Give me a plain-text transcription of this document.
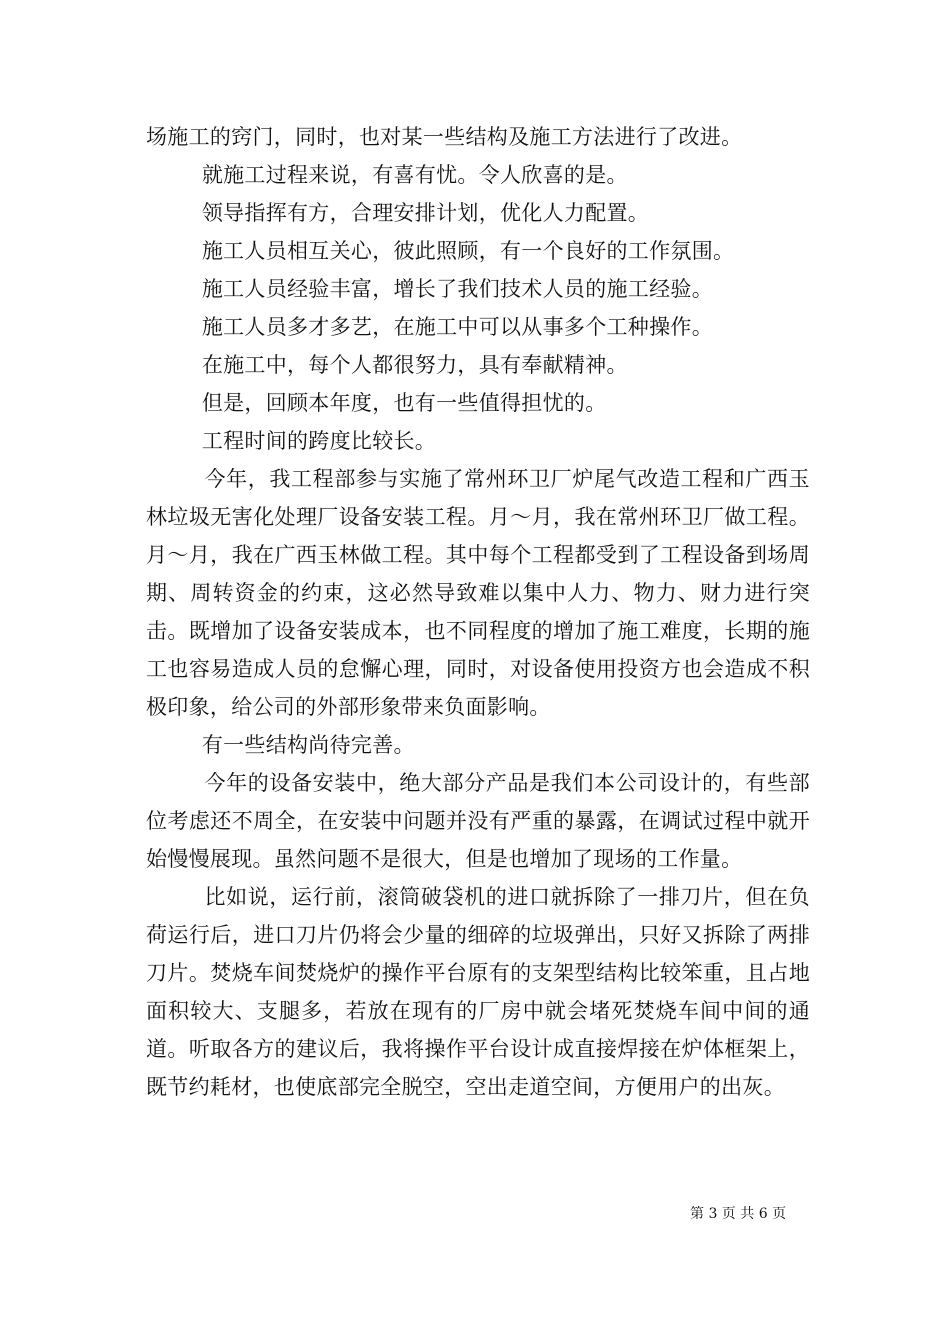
场施工的窍门，同时，也对某一些结构及施工方法进行了改进。

就施工过程来说，有喜有忧。令人欣喜的是。

领导指挥有方，合理安排计划，优化人力配置。

施工人员相互关心，彼此照顾，有一个良好的工作氛围。

施工人员经验丰富，增长了我们技术人员的施工经验。

施工人员多才多艺，在施工中可以从事多个工种操作。

在施工中，每个人都很努力，具有奉献精神。

但是，回顾本年度，也有一些值得担忧的。

工程时间的跨度比较长。

今年，我工程部参与实施了常州环卫厂炉尾气改造工程和广西玉林垃圾无害化处理厂设备安装工程。月～月，我在常州环卫厂做工程。月～月，我在广西玉林做工程。其中每个工程都受到了工程设备到场周期、周转资金的约束，这必然导致难以集中人力、物力、财力进行突击。既增加了设备安装成本，也不同程度的增加了施工难度，长期的施工也容易造成人员的怠懈心理，同时，对设备使用投资方也会造成不积极印象，给公司的外部形象带来负面影响。

有一些结构尚待完善。

今年的设备安装中，绝大部分产品是我们本公司设计的，有些部位考虑还不周全，在安装中问题并没有严重的暴露，在调试过程中就开始慢慢展现。虽然问题不是很大，但是也增加了现场的工作量。

比如说，运行前，滚筒破袋机的进口就拆除了一排刀片，但在负荷运行后，进口刀片仍将会少量的细碎的垃圾弹出，只好又拆除了两排刀片。焚烧车间焚烧炉的操作平台原有的支架型结构比较笨重，且占地面积较大、支腿多，若放在现有的厂房中就会堵死焚烧车间中间的通道。听取各方的建议后，我将操作平台设计成直接焊接在炉体框架上，既节约耗材，也使底部完全脱空，空出走道空间，方便用户的出灰。

第 3 页 共 6 页
